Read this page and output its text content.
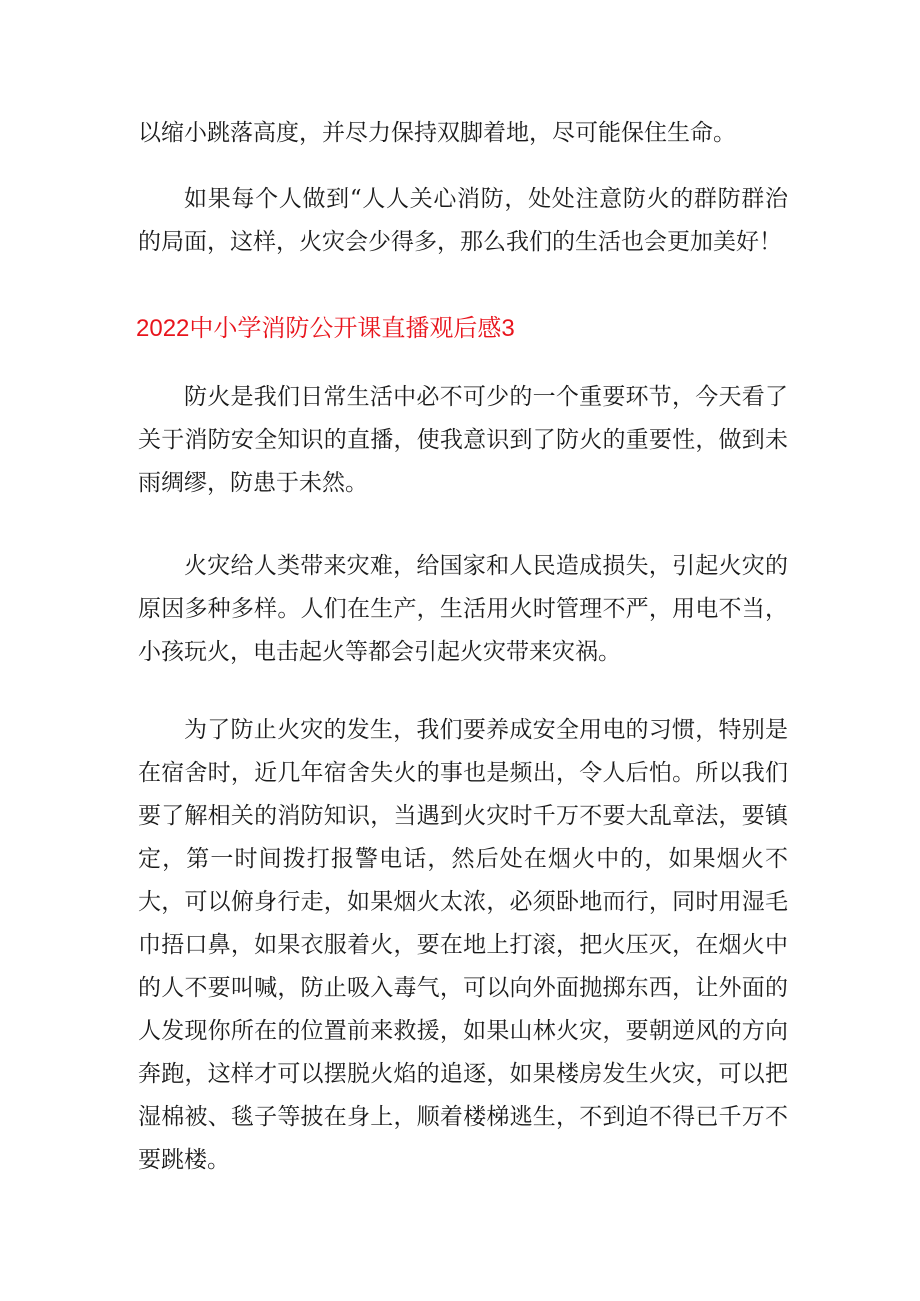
以缩小跳落高度，并尽力保持双脚着地，尽可能保住生命。

如果每个人做到“人人关心消防，处处注意防火的群防群治的局面，这样，火灾会少得多，那么我们的生活也会更加美好！

2022中小学消防公开课直播观后感3

防火是我们日常生活中必不可少的一个重要环节，今天看了关于消防安全知识的直播，使我意识到了防火的重要性，做到未雨绸缪，防患于未然。

火灾给人类带来灾难，给国家和人民造成损失，引起火灾的原因多种多样。人们在生产，生活用火时管理不严，用电不当，小孩玩火，电击起火等都会引起火灾带来灾祸。

为了防止火灾的发生，我们要养成安全用电的习惯，特别是在宿舍时，近几年宿舍失火的事也是频出，令人后怕。所以我们要了解相关的消防知识，当遇到火灾时千万不要大乱章法，要镇定，第一时间拨打报警电话，然后处在烟火中的，如果烟火不大，可以俯身行走，如果烟火太浓，必须卧地而行，同时用湿毛巾捂口鼻，如果衣服着火，要在地上打滚，把火压灭，在烟火中的人不要叫喊，防止吸入毒气，可以向外面抛掷东西，让外面的人发现你所在的位置前来救援，如果山林火灾，要朝逆风的方向奔跑，这样才可以摆脱火焰的追逐，如果楼房发生火灾，可以把湿棉被、毯子等披在身上，顺着楼梯逃生，不到迫不得已千万不要跳楼。
